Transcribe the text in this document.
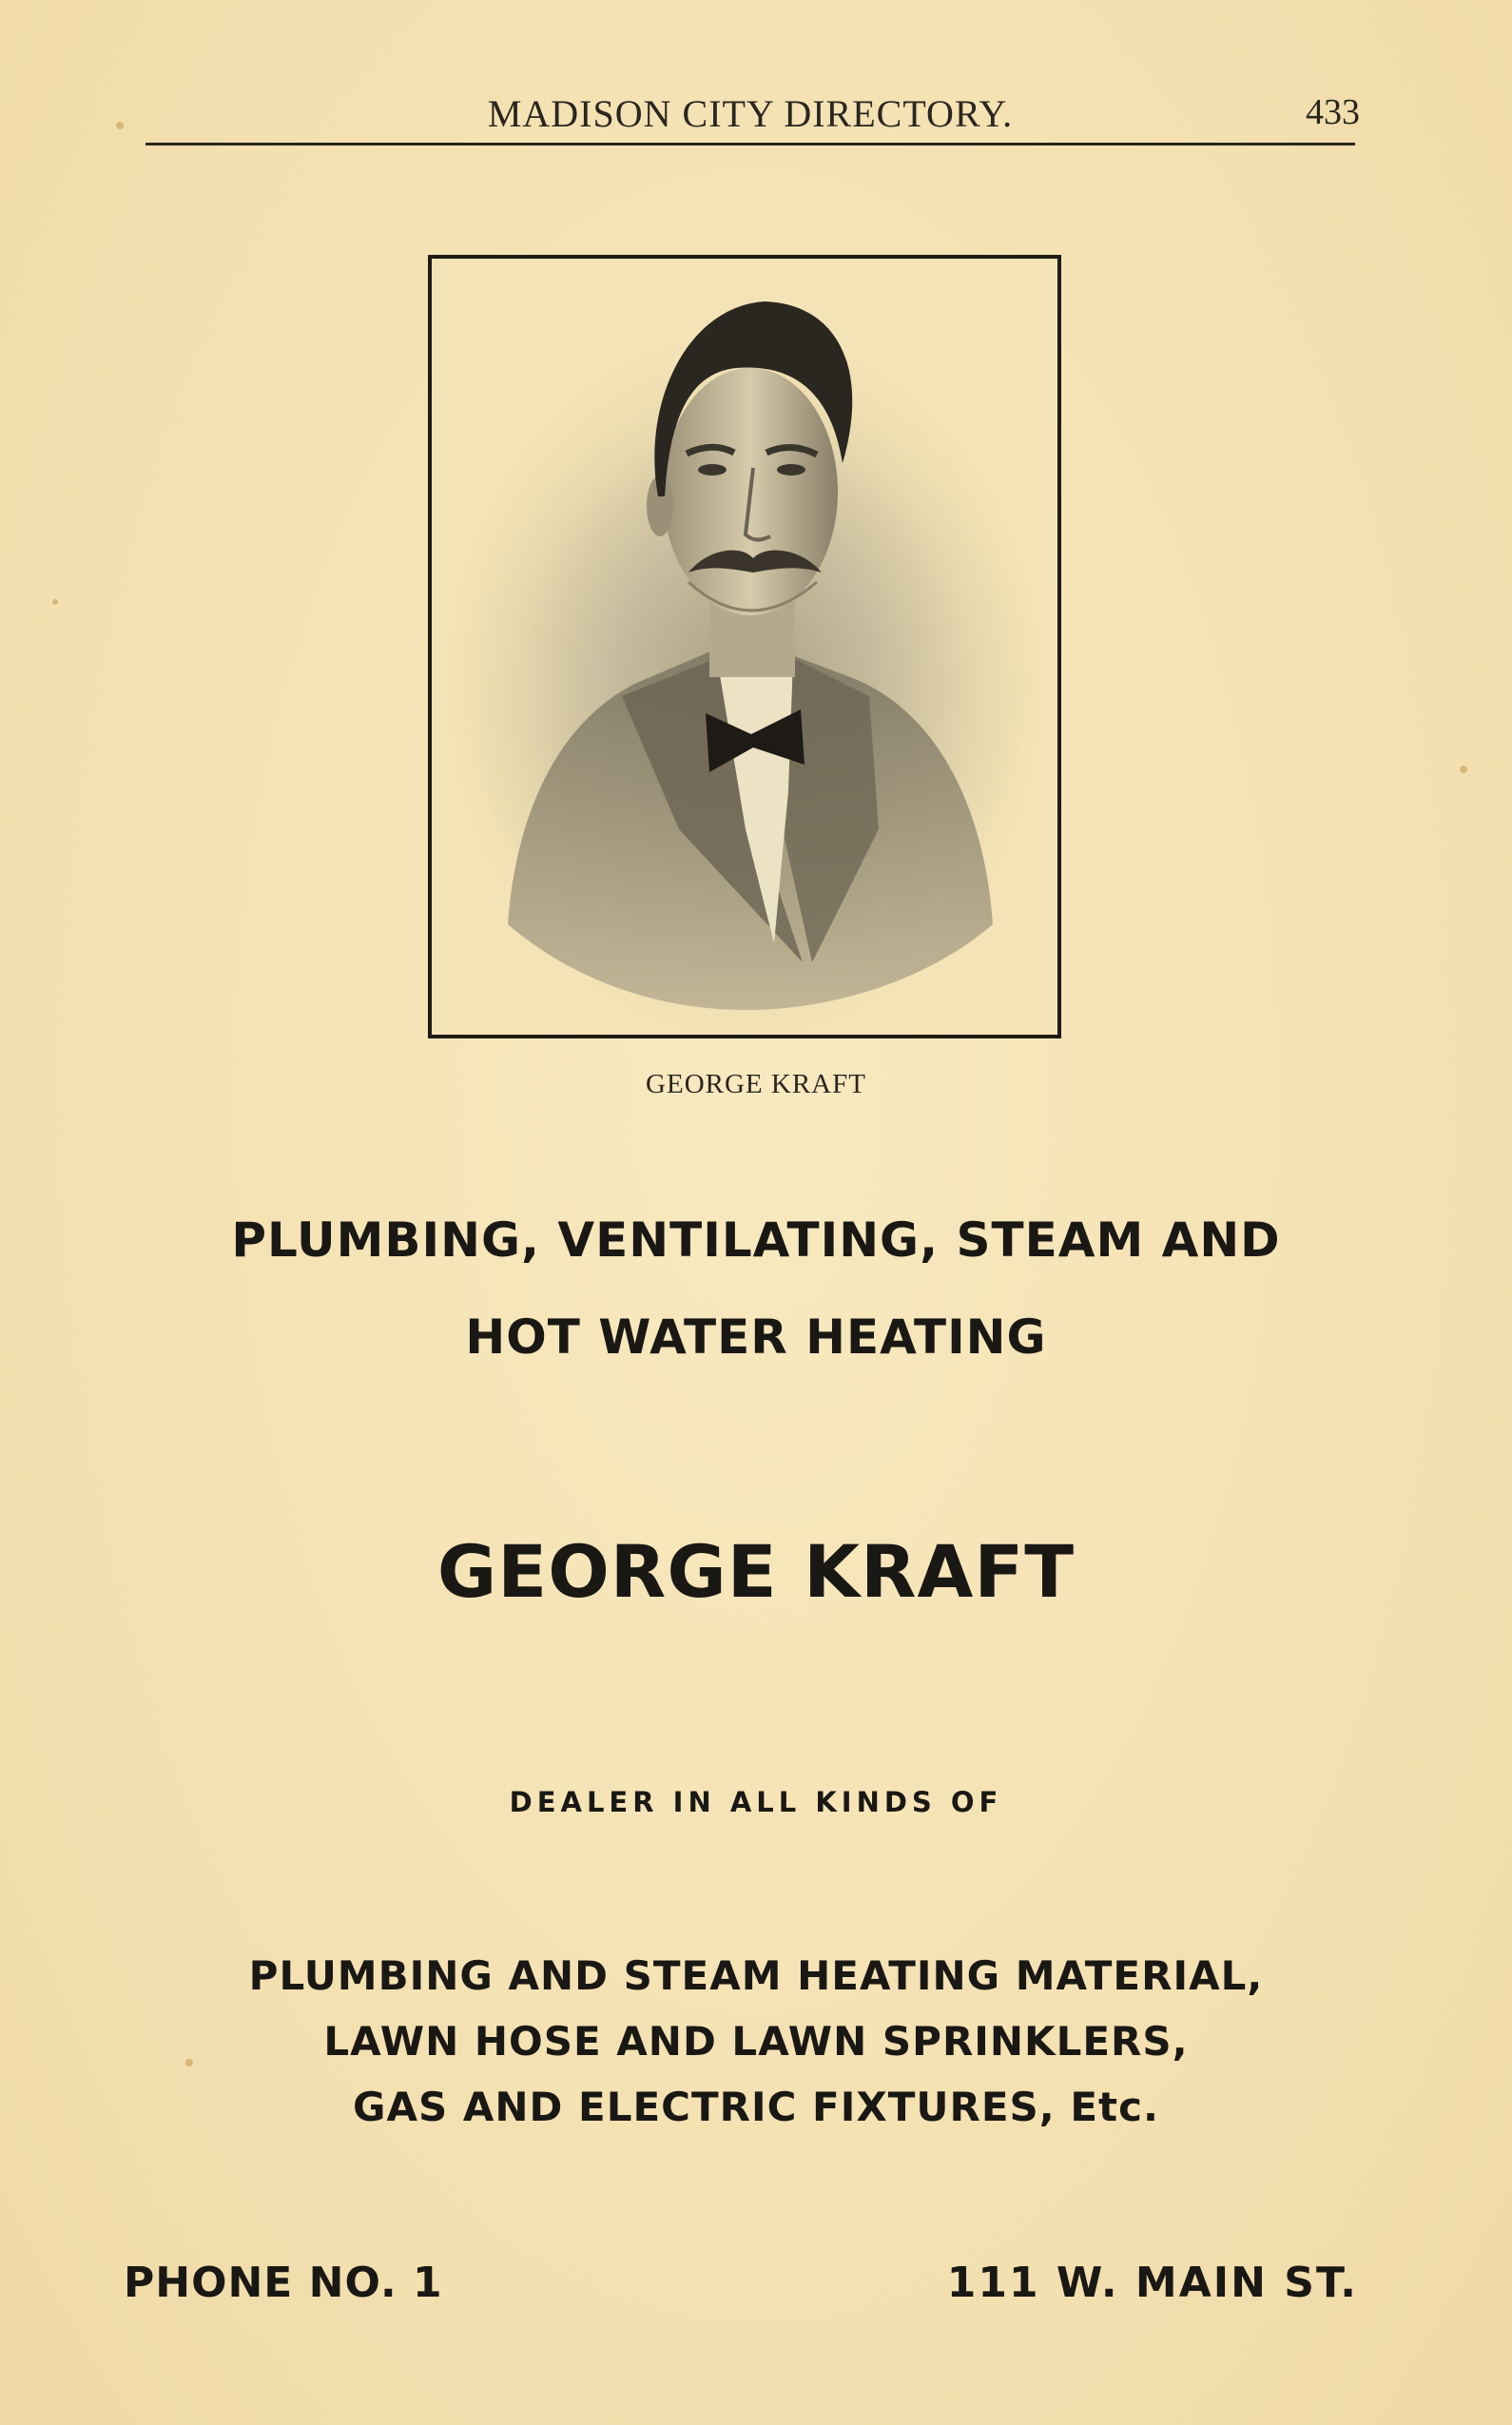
MADISON CITY DIRECTORY.	433
GEORGE KRAFT
PLUMBING, VENTILATING, STEAM AND
HOT WATER HEATING
GEORGE KRAFT
DEALER IN ALL KINDS OF
PLUMBING AND STEAM HEATING MATERIAL,
LAWN HOSE AND LAWN SPRINKLERS,
GAS AND ELECTRIC FIXTURES, Etc.
PHONE NO. 1	111 W. MAIN ST.
